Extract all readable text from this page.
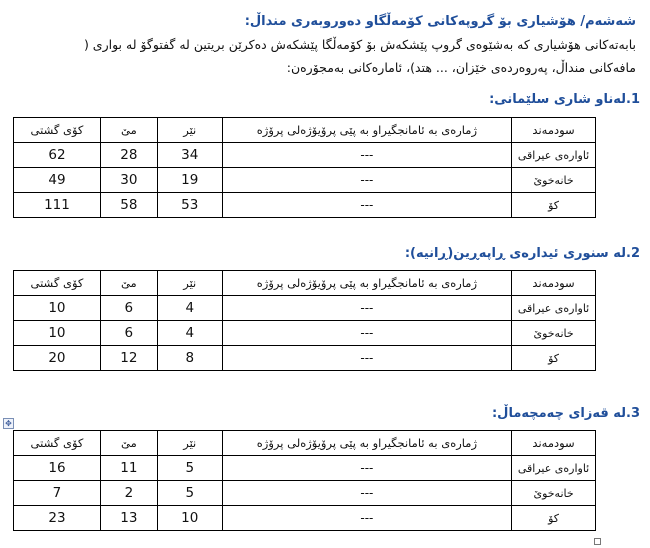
شەشەم/ هۆشیاری بۆ گروپەکانی کۆمەڵگاو دەوروبەری منداڵ:
بابەتەکانی هۆشیاری کە بەشێوەی گروپ پێشکەش بۆ کۆمەڵگا پێشکەش دەکرێن بریتین لە گفتوگۆ لە بواری (
مافەکانی منداڵ، پەروەردەی خێزان، ... هتد)، ئامارەکانی بەمجۆرەن:
1.لەناو شاری سلێمانی:
سودمەند	ژمارەی بە ئامانجگیراو بە پێی پرۆیۆژەلی پرۆژە	نێر	مێ	کۆی گشتی
ئاوارەی عیراقی	---	34	28	62
خانەخوێ	---	19	30	49
کۆ	---	53	58	111
2.لە سنوری ئیدارەی ڕاپەڕین(ڕانیە):
سودمەند	ژمارەی بە ئامانجگیراو بە پێی پرۆیۆژەلی پرۆژە	نێر	مێ	کۆی گشتی
ئاوارەی عیراقی	---	4	6	10
خانەخوێ	---	4	6	10
کۆ	---	8	12	20
✥
3.لە قەزای چەمچەماڵ:
سودمەند	ژمارەی بە ئامانجگیراو بە پێی پرۆیۆژەلی پرۆژە	نێر	مێ	کۆی گشتی
ئاوارەی عیراقی	---	5	11	16
خانەخوێ	---	5	2	7
کۆ	---	10	13	23
